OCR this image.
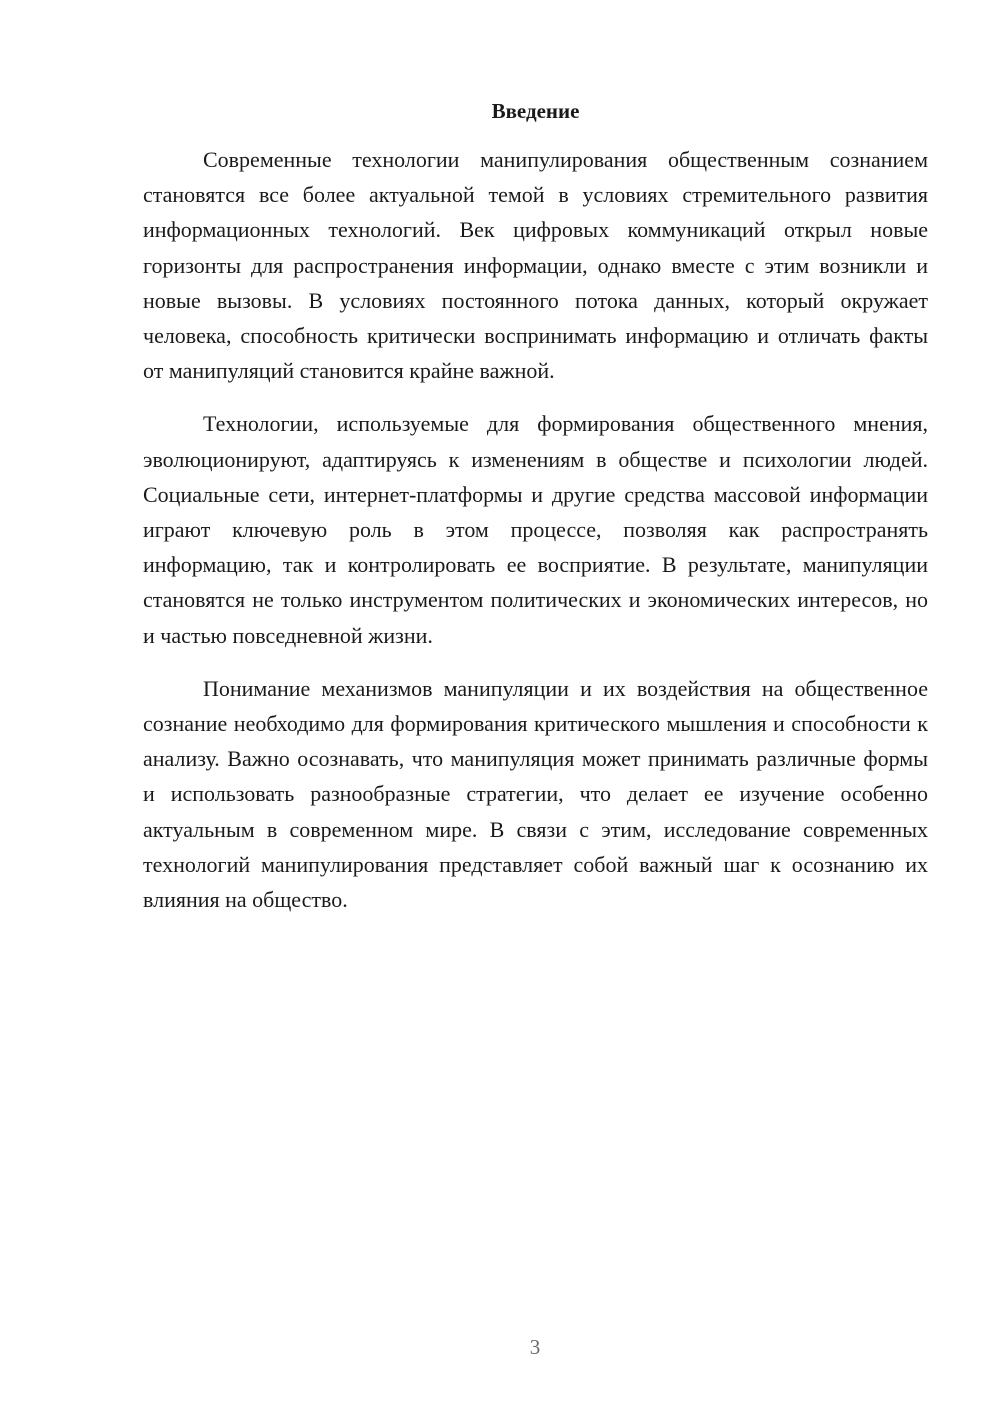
Введение

Современные технологии манипулирования общественным сознанием становятся все более актуальной темой в условиях стремительного развития информационных технологий. Век цифровых коммуникаций открыл новые горизонты для распространения информации, однако вместе с этим возникли и новые вызовы. В условиях постоянного потока данных, который окружает человека, способность критически воспринимать информацию и отличать факты от манипуляций становится крайне важной.

Технологии, используемые для формирования общественного мнения, эволюционируют, адаптируясь к изменениям в обществе и психологии людей. Социальные сети, интернет-платформы и другие средства массовой информации играют ключевую роль в этом процессе, позволяя как распространять информацию, так и контролировать ее восприятие. В результате, манипуляции становятся не только инструментом политических и экономических интересов, но и частью повседневной жизни.

Понимание механизмов манипуляции и их воздействия на общественное сознание необходимо для формирования критического мышления и способности к анализу. Важно осознавать, что манипуляция может принимать различные формы и использовать разнообразные стратегии, что делает ее изучение особенно актуальным в современном мире. В связи с этим, исследование современных технологий манипулирования представляет собой важный шаг к осознанию их влияния на общество.

3
